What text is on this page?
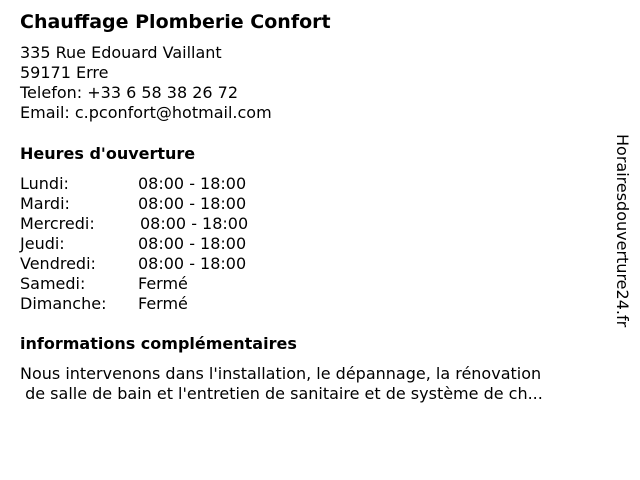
Chauffage Plomberie Confort
335 Rue Edouard Vaillant
59171 Erre
Telefon: +33 6 58 38 26 72
Email: c.pconfort@hotmail.com
Heures d'ouverture
Lundi:	08:00 - 18:00
Mardi:	08:00 - 18:00
Mercredi:	08:00 - 18:00
Jeudi:	08:00 - 18:00
Vendredi:	08:00 - 18:00
Samedi:	Fermé
Dimanche: Fermé
informations complémentaires
Nous intervenons dans l'installation, le dépannage, la rénovation
de salle de bain et l'entretien de sanitaire et de système de ch...
Horairesdouverture24.fr
